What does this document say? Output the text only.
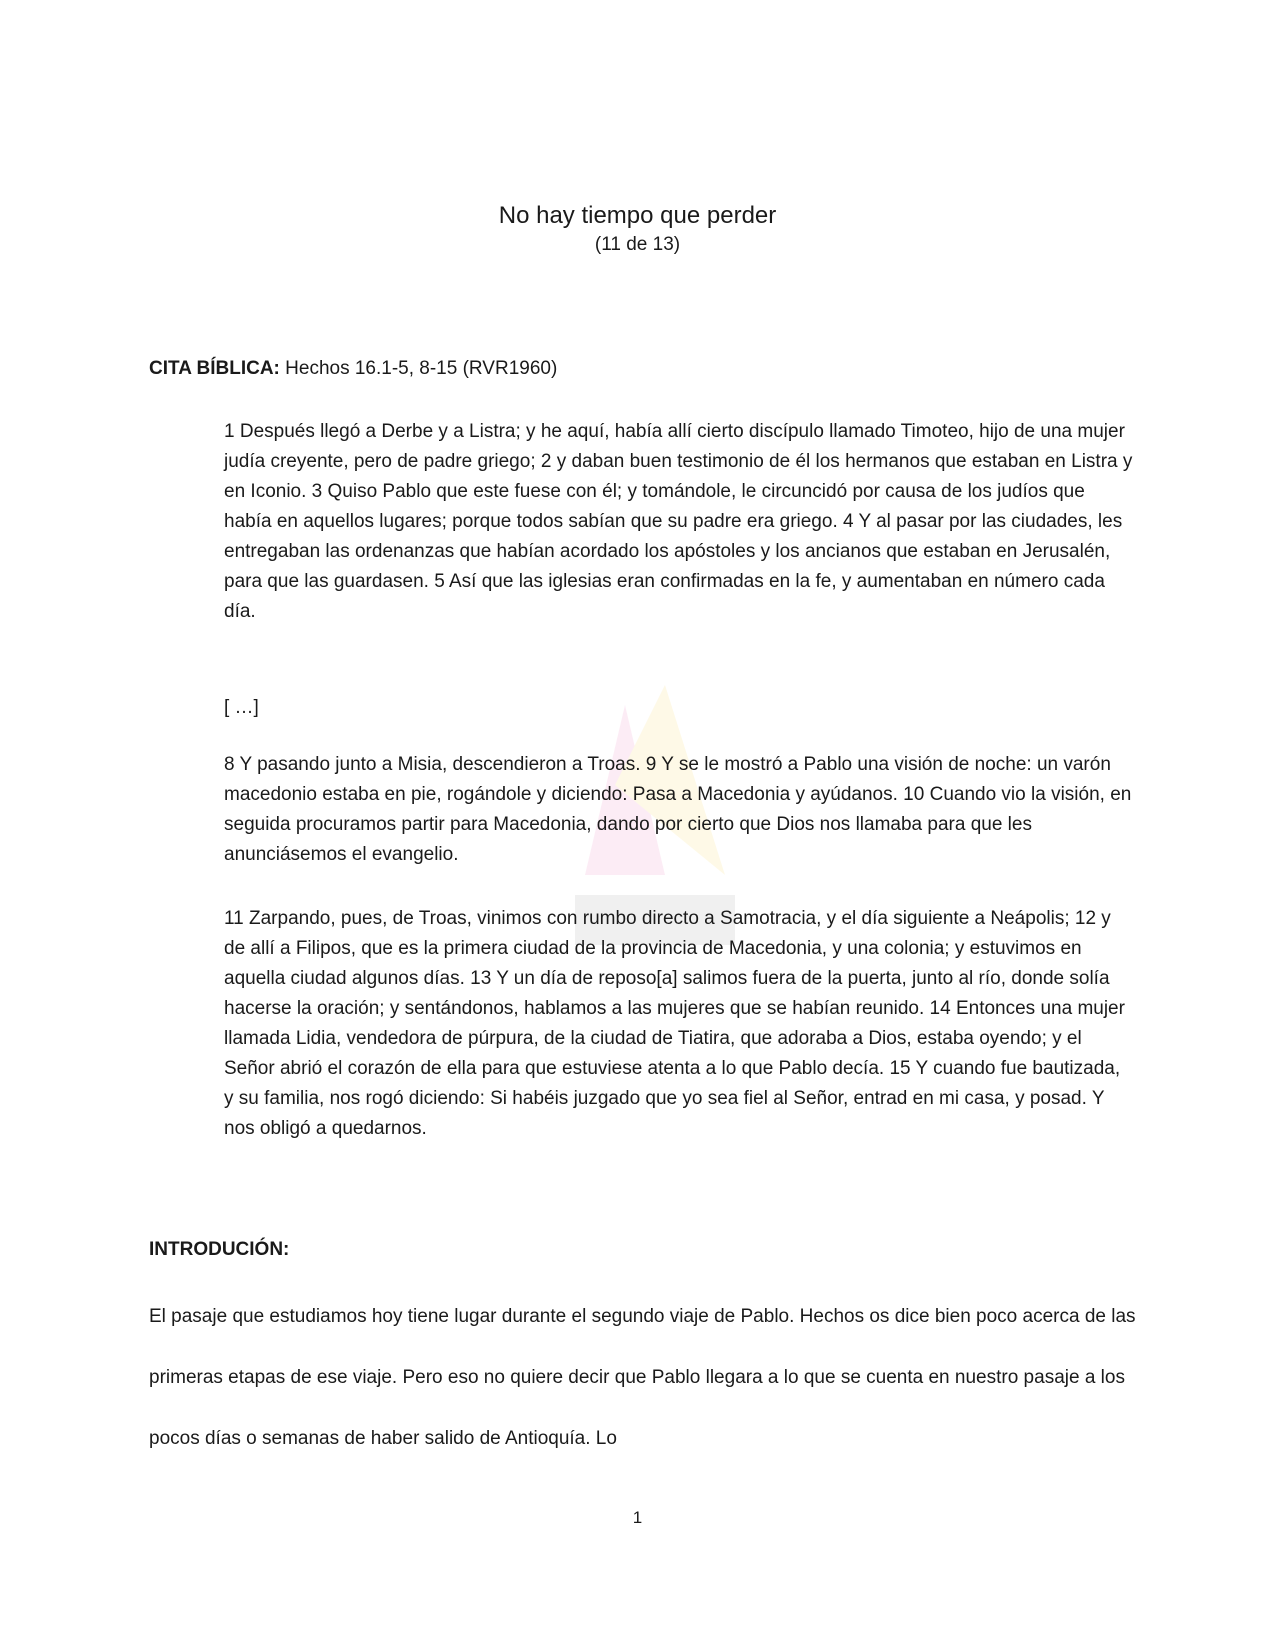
No hay tiempo que perder
(11 de 13)
CITA BÍBLICA: Hechos 16.1-5, 8-15 (RVR1960)

1 Después llegó a Derbe y a Listra; y he aquí, había allí cierto discípulo llamado Timoteo, hijo de una mujer judía creyente, pero de padre griego; 2 y daban buen testimonio de él los hermanos que estaban en Listra y en Iconio. 3 Quiso Pablo que este fuese con él; y tomándole, le circuncidó por causa de los judíos que había en aquellos lugares; porque todos sabían que su padre era griego. 4 Y al pasar por las ciudades, les entregaban las ordenanzas que habían acordado los apóstoles y los ancianos que estaban en Jerusalén, para que las guardasen. 5 Así que las iglesias eran confirmadas en la fe, y aumentaban en número cada día.

[ …]

8 Y pasando junto a Misia, descendieron a Troas. 9 Y se le mostró a Pablo una visión de noche: un varón macedonio estaba en pie, rogándole y diciendo: Pasa a Macedonia y ayúdanos. 10 Cuando vio la visión, en seguida procuramos partir para Macedonia, dando por cierto que Dios nos llamaba para que les anunciásemos el evangelio.

11 Zarpando, pues, de Troas, vinimos con rumbo directo a Samotracia, y el día siguiente a Neápolis; 12 y de allí a Filipos, que es la primera ciudad de la provincia de Macedonia, y una colonia; y estuvimos en aquella ciudad algunos días. 13 Y un día de reposo[a] salimos fuera de la puerta, junto al río, donde solía hacerse la oración; y sentándonos, hablamos a las mujeres que se habían reunido. 14 Entonces una mujer llamada Lidia, vendedora de púrpura, de la ciudad de Tiatira, que adoraba a Dios, estaba oyendo; y el Señor abrió el corazón de ella para que estuviese atenta a lo que Pablo decía. 15 Y cuando fue bautizada, y su familia, nos rogó diciendo: Si habéis juzgado que yo sea fiel al Señor, entrad en mi casa, y posad. Y nos obligó a quedarnos.

INTRODUCIÓN:

El pasaje que estudiamos hoy tiene lugar durante el segundo viaje de Pablo. Hechos os dice bien poco acerca de las primeras etapas de ese viaje. Pero eso no quiere decir que Pablo llegara a lo que se cuenta en nuestro pasaje a los pocos días o semanas de haber salido de Antioquía. Lo

1
